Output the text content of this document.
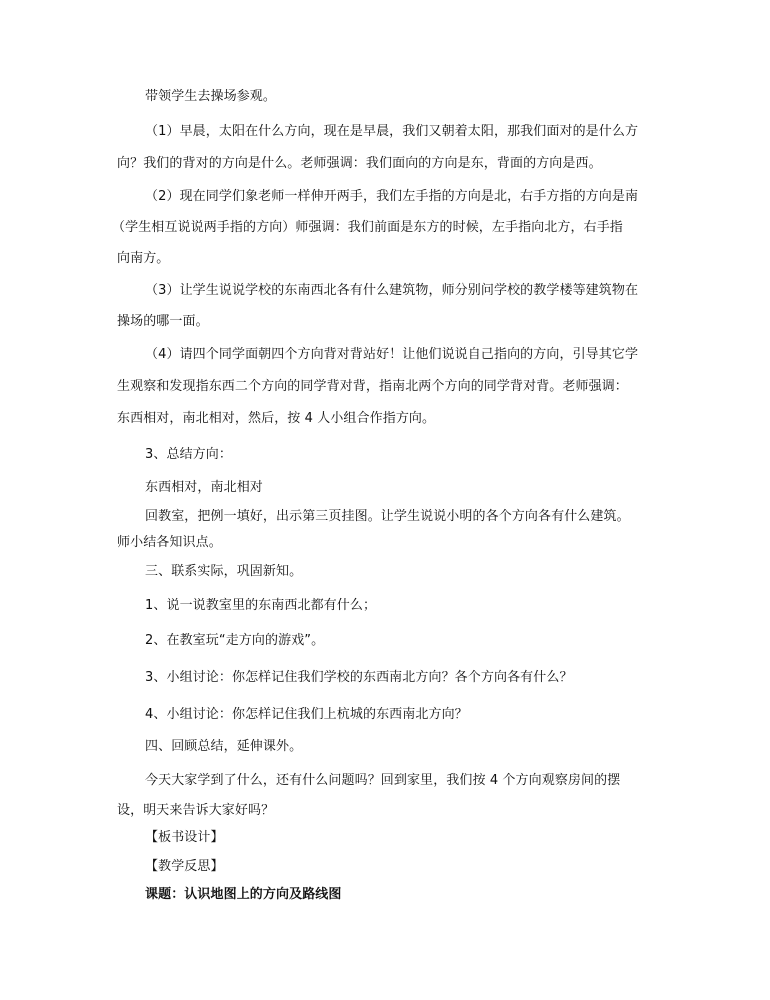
带领学生去操场参观。

（1）早晨，太阳在什么方向，现在是早晨，我们又朝着太阳，那我们面对的是什么方

向？我们的背对的方向是什么。老师强调：我们面向的方向是东，背面的方向是西。

（2）现在同学们象老师一样伸开两手，我们左手指的方向是北，右手方指的方向是南

（学生相互说说两手指的方向）师强调：我们前面是东方的时候，左手指向北方，右手指

向南方。

（3）让学生说说学校的东南西北各有什么建筑物，师分别问学校的教学楼等建筑物在

操场的哪一面。

（4）请四个同学面朝四个方向背对背站好！让他们说说自己指向的方向，引导其它学

生观察和发现指东西二个方向的同学背对背，指南北两个方向的同学背对背。老师强调：

东西相对，南北相对，然后，按 4 人小组合作指方向。

3、总结方向：

东西相对，南北相对

回教室，把例一填好，出示第三页挂图。让学生说说小明的各个方向各有什么建筑。

师小结各知识点。

三、联系实际，巩固新知。

1、说一说教室里的东南西北都有什么；

2、在教室玩“走方向的游戏”。

3、小组讨论：你怎样记住我们学校的东西南北方向？各个方向各有什么？

4、小组讨论：你怎样记住我们上杭城的东西南北方向？

四、回顾总结，延伸课外。

今天大家学到了什么，还有什么问题吗？回到家里，我们按 4 个方向观察房间的摆

设，明天来告诉大家好吗？

【板书设计】

【教学反思】

课题：认识地图上的方向及路线图
